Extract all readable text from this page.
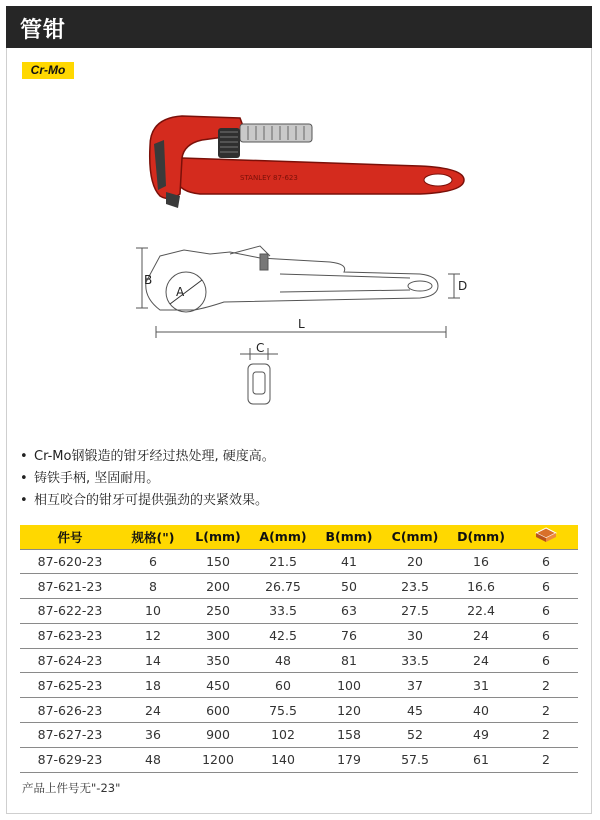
管钳
Cr-Mo
STANLEY 87-623
B
A
L
D
C
• Cr-Mo钢锻造的钳牙经过热处理, 硬度高。
• 铸铁手柄, 坚固耐用。
• 相互咬合的钳牙可提供强劲的夹紧效果。
件号	规格(")	L(mm)	A(mm)	B(mm)	C(mm)	D(mm)	
87-620-23	6	150	21.5	41	20	16	6
87-621-23	8	200	26.75	50	23.5	16.6	6
87-622-23	10	250	33.5	63	27.5	22.4	6
87-623-23	12	300	42.5	76	30	24	6
87-624-23	14	350	48	81	33.5	24	6
87-625-23	18	450	60	100	37	31	2
87-626-23	24	600	75.5	120	45	40	2
87-627-23	36	900	102	158	52	49	2
87-629-23	48	1200	140	179	57.5	61	2
产品上件号无"-23"
